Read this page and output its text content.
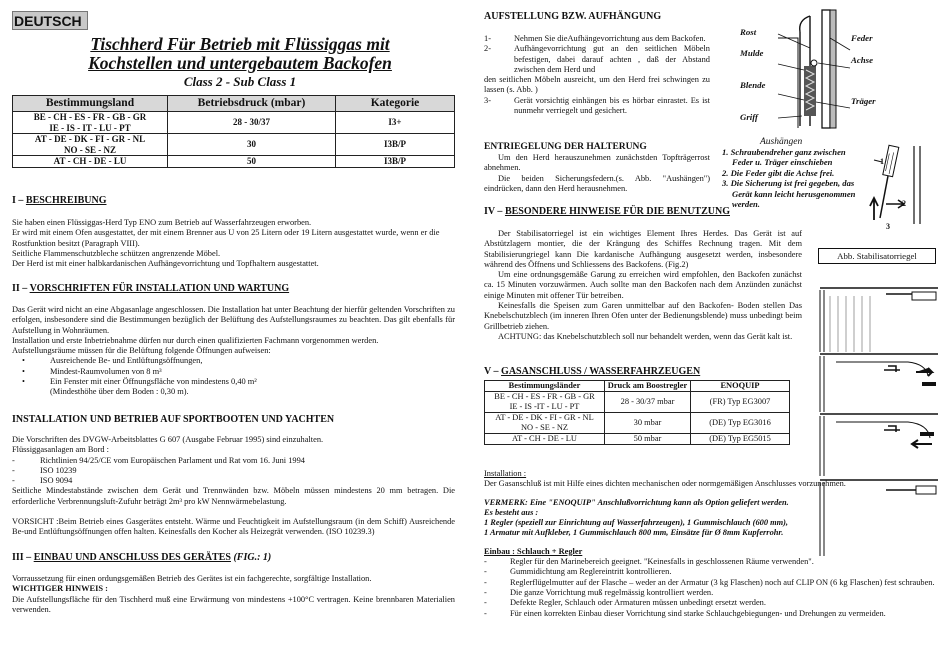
DEUTSCH
Tischherd Für Betrieb mit Flüssiggas mit
Kochstellen und untergebautem Backofen
Class 2 - Sub Class 1
Bestimmungsland	Betriebsdruck (mbar)	Kategorie

BE - CH - ES - FR - GB - GR
IE - IS - IT - LU - PT	28 - 30/37	I3+

AT - DE - DK - FI - GR - NL
NO - SE - NZ	30	I3B/P
AT - CH - DE - LU	50	I3B/P
I – BESCHREIBUNG
Sie haben einen Flüssiggas-Herd Typ ENO zum Betrieb auf Wasserfahrzeugen erworben.
Er wird mit einem Ofen ausgestattet, der mit einem Brenner aus U von 25 Litern oder 19 Litern ausgestattet wurde, wenn er die Rostfunktion besitzt (Paragraph VIII).
Seitliche Flammenschutzbleche schützen angrenzende Möbel.
Der Herd ist mit einer halbkardanischen Aufhängevorrichtung und Topfhaltern ausgestattet.
II – VORSCHRIFTEN FÜR INSTALLATION UND WARTUNG
Das Gerät wird nicht an eine Abgasanlage angeschlossen. Die Installation hat unter Beachtung der hierfür geltenden Vorschriften zu erfolgen, insbesondere sind die Bestimmungen bezüglich der Belüftung des Aufstellungsraumes zu beachten. Das gilt ebenfalls für Aufstellung in Wohnräumen.
Installation und erste Inbetriebnahme dürfen nur durch einen qualifizierten Fachmann vorgenommen werden.
Aufstellungsräume müssen für die Belüftung folgende Öffnungen aufweisen:
• Ausreichende Be- und Entlüftungsöffnungen,
• Mindest-Raumvolumen von 8 m³
• Ein Fenster mit einer Öffnungsfläche von mindestens 0,40 m²
(Mindesthöhe über dem Boden : 0,30 m).
INSTALLATION UND BETRIEB AUF SPORTBOOTEN UND YACHTEN
Die Vorschriften des DVGW-Arbeitsblattes G 607 (Ausgabe Februar 1995) sind einzuhalten.
Flüssiggasanlagen am Bord :
-	Richtlinien 94/25/CE vom Europäischen Parlament und Rat vom 16. Juni 1994
-	ISO 10239
-	ISO 9094
Seitliche Mindestabstände zwischen dem Gerät und Trennwänden bzw. Möbeln müssen mindestens 20 mm betragen. Die erforderliche Verbrennungsluft-Zufuhr beträgt 2m³ pro kW Nennwärmebelastung.
VORSICHT :Beim Betrieb eines Gasgerätes entsteht. Wärme und Feuchtigkeit im Aufstellungsraum (in dem Schiff) Ausreichende Be-und Entlüftungsöffnungen offen halten. Keinesfalls den Kocher als Heizegrät verwenden. (ISO 10239.3)
III – EINBAU UND ANSCHLUSS DES GERÄTES (FIG.: 1)
Vorraussetzung für einen ordungsgemäßen Betrieb des Gerätes ist ein fachgerechte, sorgfältige Installation.
WICHTIGER HINWEIS :
Die Aufstellungsfläche für den Tischherd muß eine Erwärmung von mindestens +100°C vertragen. Keine brennbaren Materialien verwenden.
AUFSTELLUNG BZW. AUFHÄNGUNG
1-	Nehmen Sie dieAufhängevorrichtung aus dem Backofen.
2-	Aufhängevorrichtung gut an den seitlichen Möbeln befestigen, dabei darauf achten , daß der Abstand zwischen dem Herd und
den seitlichen Möbeln ausreicht, um den Herd frei schwingen zu lassen (s. Abb. )
3-	Gerät vorsichtig einhängen bis es hörbar einrastet. Es ist nunmehr verriegelt und gesichert.
ENTRIEGELUNG DER HALTERUNG
Um den Herd herauszunehmen zunächstden Topfträgerrost abnehmen.
Die beiden Sicherungsfedern.(s. Abb. "Aushängen") eindrücken, dann den Herd herausnehmen.
IV – BESONDERE HINWEISE FÜR DIE BENUTZUNG
Der Stabilisatorriegel ist ein wichtiges Element Ihres Herdes. Das Gerät ist auf Abstützlagern montier, die der Krängung des Schiffes Rechnung tragen. Mit dem Stabilisierungriegel kann Die kardanische Aufhängung ausgesetzt werden, insbesondere während des Öffnens und Schliessens des Backofens. (Fig.2)
Um eine ordnungsgemäße Garung zu erreichen wird empfohlen, den Backofen zunächst ca. 15 Minuten vorzuwärmen. Auch sollte man den Backofen nach dem Anzünden zunächst einige Minuten mit offener Tür betreiben.
Keinesfalls die Speisen zum Garen unmittelbar auf den Backofen- Boden stellen Das Knebelschutzblech (im inneren Ihren Ofen unter der Bedienungsblende) muss unbedingt beim Grillbetrieb ziehen.
ACHTUNG: das Knebelschutzblech soll nur behandelt werden, wenn das Gerät kalt ist.
V – GASANSCHLUSS / WASSERFAHRZEUGEN
Bestimmungsländer	Druck am Boostregler	ENOQUIP

BE - CH - ES - FR - GB - GR
IE - IS -IT - LU - PT	28 - 30/37 mbar	(FR) Typ EG3007

AT - DE - DK - FI - GR - NL
NO - SE - NZ	30 mbar	(DE) Typ EG3016
AT - CH - DE - LU	50 mbar	(DE) Typ EG5015
Installation :
Der Gasanschluß ist mit Hilfe eines dichten mechanischen oder normgemäßigen Anschlusses vorzunehmen.
VERMERK: Eine "ENOQUIP" Anschlußvorrichtung kann als Option geliefert werden.
Es besteht aus :
1 Regler (speziell zur Einrichtung auf Wasserfahrzeugen), 1 Gummischlauch (600 mm),
1 Armatur mit Aufkleber, 1 Gummischlauch 800 mm, Einsätze für Ø 8mm Kupferrohr.
Einbau : Schlauch + Regler
-	Regler für den Marinebereich geeignet. "Keinesfalls in geschlossenen Räume verwenden".
-	Gummidichtung am Reglereintritt kontrollieren.
-	Reglerflügelmutter auf der Flasche – weder an der Armatur (3 kg Flaschen) noch auf CLIP ON (6 kg Flaschen) fest schrauben.
-	Die ganze Vorrichtung muß regelmässig kontrolliert werden.
-	Defekte Regler, Schlauch oder Armaturen müssen unbedingt ersetzt werden.
-	Für einen korrekten Einbau dieser Vorrichtung sind starke Schlauchgebiegungen- und Drehungen zu vermeiden.
Rost
Feder
Mulde
Achse
Blende
Träger
Griff
Aushängen
1. Schraubendreher ganz zwischen
Feder u. Träger einschieben
2. Die Feder gibt die Achse frei.
3. Die Sicherung ist frei gegeben, das
Gerät kann leicht herusgenommen
werden.
1
2
3
Abb. Stabilisatorriegel
